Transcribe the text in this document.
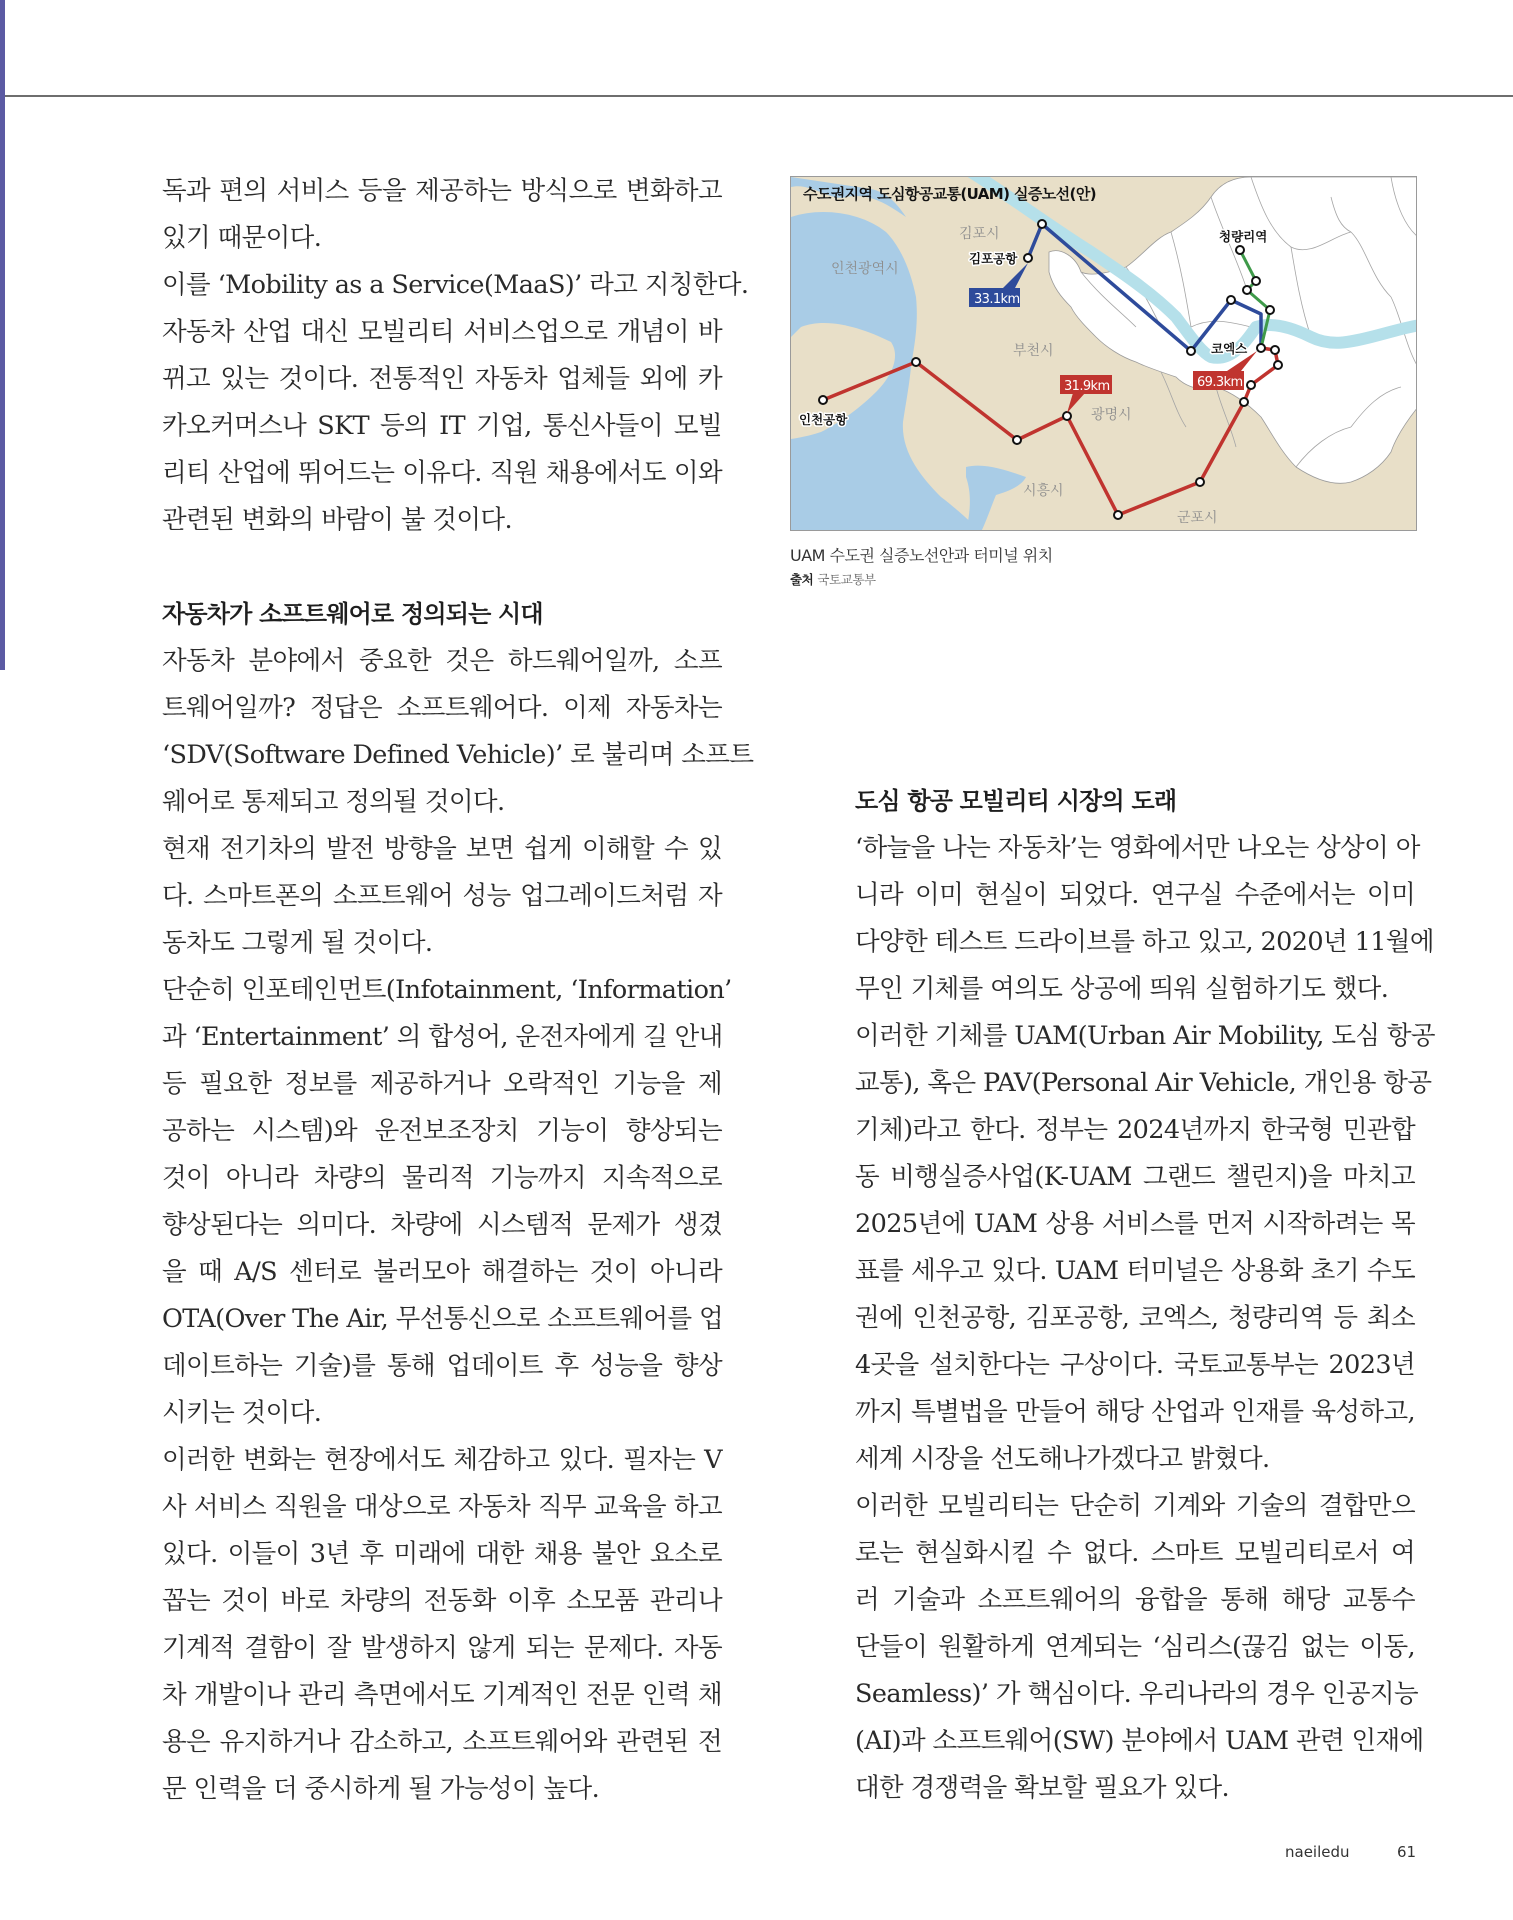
독과 편의 서비스 등을 제공하는 방식으로 변화하고
있기 때문이다.
이를 ‘Mobility as a Service(MaaS)’ 라고 지칭한다.
자동차 산업 대신 모빌리티 서비스업으로 개념이 바
뀌고 있는 것이다. 전통적인 자동차 업체들 외에 카
카오커머스나 SKT 등의 IT 기업, 통신사들이 모빌
리티 산업에 뛰어드는 이유다. 직원 채용에서도 이와
관련된 변화의 바람이 불 것이다.
자동차가 소프트웨어로 정의되는 시대
자동차 분야에서 중요한 것은 하드웨어일까, 소프
트웨어일까? 정답은 소프트웨어다. 이제 자동차는
‘SDV(Software Defined Vehicle)’ 로 불리며 소프트
웨어로 통제되고 정의될 것이다.
현재 전기차의 발전 방향을 보면 쉽게 이해할 수 있
다. 스마트폰의 소프트웨어 성능 업그레이드처럼 자
동차도 그렇게 될 것이다.
단순히 인포테인먼트(Infotainment, ‘Information’
과 ‘Entertainment’ 의 합성어, 운전자에게 길 안내
등 필요한 정보를 제공하거나 오락적인 기능을 제
공하는 시스템)와 운전보조장치 기능이 향상되는
것이 아니라 차량의 물리적 기능까지 지속적으로
향상된다는 의미다. 차량에 시스템적 문제가 생겼
을 때 A/S 센터로 불러모아 해결하는 것이 아니라
OTA(Over The Air, 무선통신으로 소프트웨어를 업
데이트하는 기술)를 통해 업데이트 후 성능을 향상
시키는 것이다.
이러한 변화는 현장에서도 체감하고 있다. 필자는 V
사 서비스 직원을 대상으로 자동차 직무 교육을 하고
있다. 이들이 3년 후 미래에 대한 채용 불안 요소로
꼽는 것이 바로 차량의 전동화 이후 소모품 관리나
기계적 결함이 잘 발생하지 않게 되는 문제다. 자동
차 개발이나 관리 측면에서도 기계적인 전문 인력 채
용은 유지하거나 감소하고, 소프트웨어와 관련된 전
문 인력을 더 중시하게 될 가능성이 높다.
김포시
인천광역시
부천시
광명시
시흥시
군포시
인천공항
김포공항
청량리역
코엑스
33.1km
31.9km	69.3km
수도권지역 도심항공교통(UAM) 실증노선(안)
UAM 수도권 실증노선안과 터미널 위치
출처 국토교통부
도심 항공 모빌리티 시장의 도래
‘하늘을 나는 자동차’는 영화에서만 나오는 상상이 아
니라 이미 현실이 되었다. 연구실 수준에서는 이미
다양한 테스트 드라이브를 하고 있고, 2020년 11월에
무인 기체를 여의도 상공에 띄워 실험하기도 했다.
이러한 기체를 UAM(Urban Air Mobility, 도심 항공
교통), 혹은 PAV(Personal Air Vehicle, 개인용 항공
기체)라고 한다. 정부는 2024년까지 한국형 민관합
동 비행실증사업(K-UAM 그랜드 챌린지)을 마치고
2025년에 UAM 상용 서비스를 먼저 시작하려는 목
표를 세우고 있다. UAM 터미널은 상용화 초기 수도
권에 인천공항, 김포공항, 코엑스, 청량리역 등 최소
4곳을 설치한다는 구상이다. 국토교통부는 2023년
까지 특별법을 만들어 해당 산업과 인재를 육성하고,
세계 시장을 선도해나가겠다고 밝혔다.
이러한 모빌리티는 단순히 기계와 기술의 결합만으
로는 현실화시킬 수 없다. 스마트 모빌리티로서 여
러 기술과 소프트웨어의 융합을 통해 해당 교통수
단들이 원활하게 연계되는 ‘심리스(끊김 없는 이동,
Seamless)’ 가 핵심이다. 우리나라의 경우 인공지능
(AI)과 소프트웨어(SW) 분야에서 UAM 관련 인재에
대한 경쟁력을 확보할 필요가 있다.
naeiledu	61
